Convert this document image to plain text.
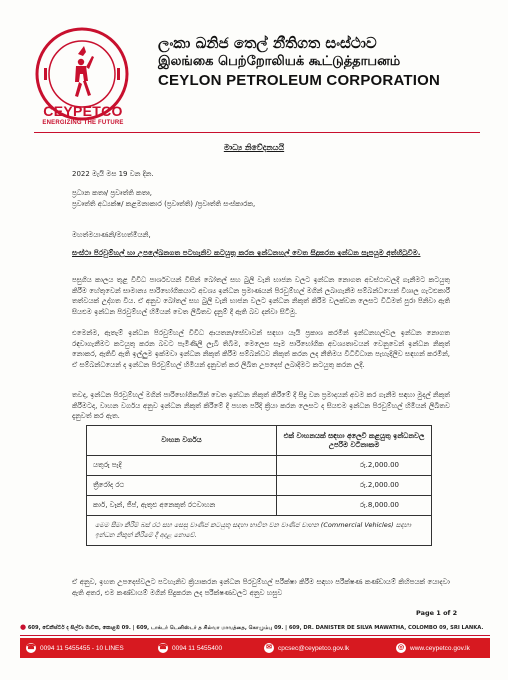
CEYPETCO
ENERGIZING THE FUTURE
ලංකා ඛනිජ තෙල් නීතිගත සංස්ථාව
இலங்கை பெற்றோலியக் கூட்டுத்தாபனம்
CEYLON PETROLEUM CORPORATION
මාධ්‍ය නිවේදනයයි
2022 මැයි මස 19 වන දින.
ප්‍රධාන කතෘ/ ප්‍රවෘත්ති කතෘ,
ප්‍රවෘත්ති අධ්‍යක්ෂ/ කළමනාකාර (ප්‍රවෘත්ති) /ප්‍රවෘත්ති සංස්කාරක,
මහත්මයාණනි/මහත්මියනි,
සංස්ථා පිරවුම්හල් හා උපලේඛනගත පටහැනිව කටයුතු කරන ඉන්ධනහල් වෙත සිදුකරන ඉන්ධන සැපයුම අත්හිටුවීම.
පසුගිය කාලය තුළ විවිධ පාර්ශවයන් විසින් බෝතල් සහ බුලි වැනි භාජන වලට ඉන්ධන නොගත අවස්ථාවලදී ගැනීමට කටයුතු කිරීම හේතුවෙන් සාමාන්‍ය පාරිභෝගිකයාට අවශ්‍ය ඉන්ධන ප්‍රමාණයන් පිරවුම්හල් මගින් ලබාගැනීම සම්බන්ධයෙන් විශාල ගැටළුකාරී තත්වයක් උද්ගත විය. ඒ අනුව බෝතල් සහ බුලි වැනි භාජන වලට ඉන්ධන නිකුත් කිරීම වලක්වන ලෙසට විධිමත් පුරා පිනිවා ඇති සියළුම ඉන්ධන පිරවුම්හල් හිමියන් වෙත ලිඛිතව දැනුම් දී ඇති බව දන්වා සිටිමු.
එමෙන්ම, ඇතැම් ඉන්ධන පිරවුම්හල් විවිධ ආයතන/සේවාවන් සඳහා යැයි ප්‍රකාශ කරමින් ඉන්ධනහල්වල ඉන්ධන නොගත රඳවාගැනීමට කටයුතු කරන බවට පැමිණිලි ලැබී තිබීම, මෙලෙස සෑම පාරිභෝගික අවශ්‍යතාවයන් වෙනුවෙන් ඉන්ධන නිකුත් නොකර, ඇතිවී ඇති ඉල්ලුම ඉක්මවා ඉන්ධන නිකුත් කිරීම සම්බන්ධව නිකුත් කරන ලද නීතිමය විධිවිධාන පැහැදිලිව සඳහන් කරමින්, ඒ සම්බන්ධයෙන් ද ඉන්ධන පිරවුම්හල් හිමියන් දැනුවත් කර ලිඛිත උපදෙස් ලබාදීමට කටයුතු කරන ලදී.
තවද, ඉන්ධන පිරවුම්හල් මගින් පාරිභෝගිකයින් වෙත ඉන්ධන නිකුත් කිරීමේ දී සිදු වන ප්‍රමාදයන් අවම කර ගැනීම සඳහා මුදල් නිකුත් කිරීමටද, වාහන වර්ගය අනුව ඉන්ධන නිකුත් කිරීමේ දී පහත පරිදි ක්‍රියා කරන ලෙසට ද සියළුම ඉන්ධන පිරවුම්හල් හිමියන් ලිඛිතව දැනුවත් කර ඇත.
වාහන වර්ගය	එක් වාහනයක් සඳහා අලෙවි කළයුතු ඉන්ධනවල උපරිම වටිනාකම
යතුරු පැදි	රු.2,000.00
ත්‍රීරෝද රථ	රු.2,000.00
කාර්, වෑන්, ජීප්, ඇතුළු අනෙකුත් රථවාහන	රු.8,000.00
මෙම සීමා කිරීම් බස් රථ සහ සෙසු වාණිජ කටයුතු සඳහා භාවිත වන වාණිජ වාහන (Commercial Vehicles) සඳහා ඉන්ධන නිකුත් කිරීමේ දී අදාළ නොවේ.	
ඒ අනුව, ඉහත උපදෙස්වලට පටහැනිව ක්‍රියාකරන ඉන්ධන පිරවුම්හල් පරීක්ෂා කිරීම සඳහා පරීක්ෂණ කණ්ඩායම් කිහිපයක් යොදවා ඇති අතර, එම කණ්ඩායම් මගින් සිදුකරන ලද පරීක්ෂණවලට අනුව හසුව
Page 1 of 2
● 609, ඩෙනිස්ටර් ද සිල්වා මාවත, කොළඹ 09. | 609, டாக்டர் டெனிஸ்டர் த சில்வா மாவத்தை, கொழும்பு 09. | 609, DR. DANISTER DE SILVA MAWATHA, COLOMBO 09, SRI LANKA.
☎ 0094 11 5455455 - 10 LINES	☎ 0094 11 5455400	✉ cpcsec@ceypetco.gov.lk	◎ www.ceypetco.gov.lk
